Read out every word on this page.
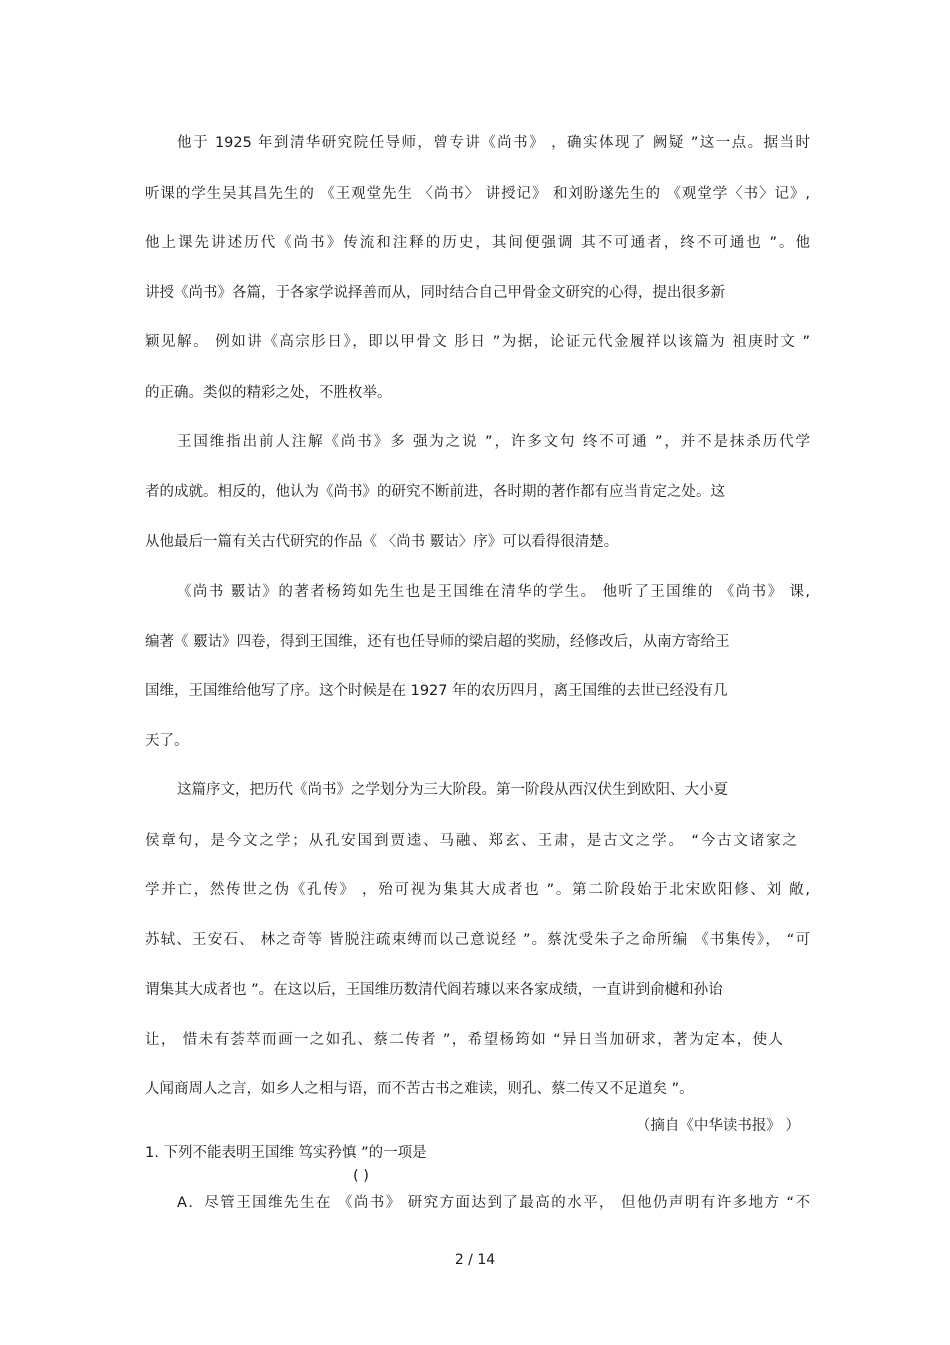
他于 1925 年到清华研究院任导师，曾专讲《尚书》 ，确实体现了 阙疑 ”这一点。据当时
听课的学生吴其昌先生的 《王观堂先生 〈尚书〉 讲授记》 和刘盼遂先生的 《观堂学〈书〉记》,
他上课先讲述历代《尚书》传流和注释的历史，其间便强调 其不可通者，终不可通也 ”。他
讲授《尚书》各篇，于各家学说择善而从，同时结合自己甲骨金文研究的心得，提出很多新
颖见解。 例如讲《高宗肜日》，即以甲骨文 肜日 ”为据，论证元代金履祥以该篇为 祖庚时文 ”
的正确。类似的精彩之处，不胜枚举。
王国维指出前人注解《尚书》多 强为之说 ”，许多文句 终不可通 ”，并不是抹杀历代学
者的成就。相反的，他认为《尚书》的研究不断前进，各时期的著作都有应当肯定之处。这
从他最后一篇有关古代研究的作品《 〈尚书 覈诂〉序》可以看得很清楚。
《尚书 覈诂》的著者杨筠如先生也是王国维在清华的学生。 他听了王国维的 《尚书》 课,
编著《 覈诂》四卷，得到王国维，还有也任导师的梁启超的奖励，经修改后，从南方寄给王
国维，王国维给他写了序。这个时候是在 1927 年的农历四月，离王国维的去世已经没有几
天了。
这篇序文，把历代《尚书》之学划分为三大阶段。第一阶段从西汉伏生到欧阳、大小夏
侯章句，是今文之学；从孔安国到贾逵、马融、郑玄、王肃，是古文之学。 “今古文诸家之
学并亡，然传世之伪《孔传》 ，殆可视为集其大成者也 ”。第二阶段始于北宋欧阳修、刘 敞,
苏轼、王安石、 林之奇等 皆脱注疏束缚而以己意说经 ”。蔡沈受朱子之命所编 《书集传》， “可
谓集其大成者也 ”。在这以后，王国维历数清代阎若璩以来各家成绩，一直讲到俞樾和孙诒
让， 惜未有荟萃而画一之如孔、蔡二传者 ”，希望杨筠如 “异日当加研求，著为定本，使人
人闻商周人之言，如乡人之相与语，而不苦古书之难读，则孔、蔡二传又不足道矣 ”。
（摘自《中华读书报》 ）
1. 下列不能表明王国维 笃实矜慎 ”的一项是
( )
A．尽管王国维先生在 《尚书》 研究方面达到了最高的水平， 但他仍声明有许多地方 “不
2 / 14
